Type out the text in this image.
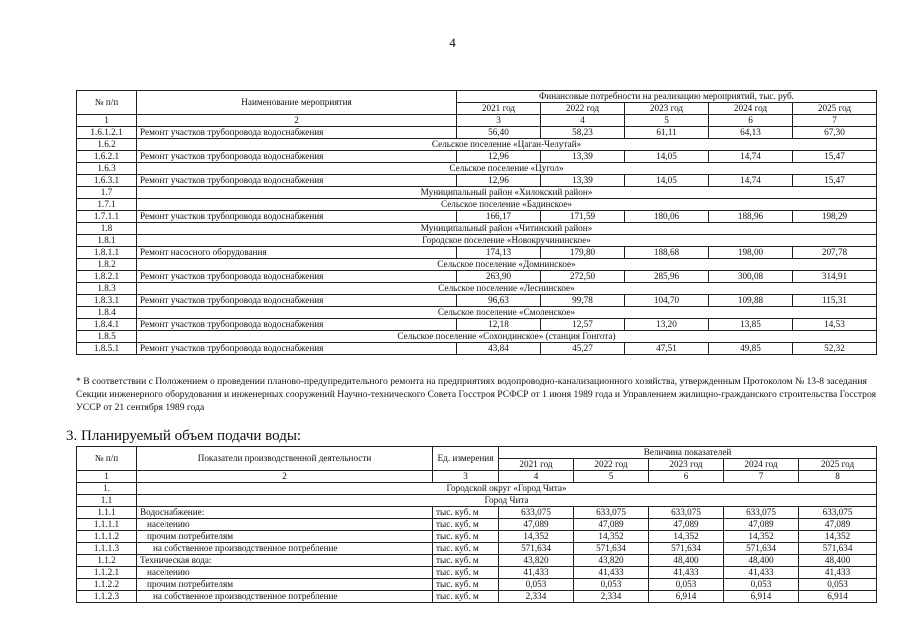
4
№ п/п	Наименование мероприятия	Финансовые потребности на реализацию мероприятий, тыс. руб.				
		2021 год	2022 год	2023 год	2024 год	2025 год
1	2	3	4	5	6	7
1.6.1.2.1	Ремонт участков трубопровода водоснабжения	56,40	58,23	61,11	64,13	67,30
1.6.2	Сельское поселение «Цаган-Челутай»					
1.6.2.1	Ремонт участков трубопровода водоснабжения	12,96	13,39	14,05	14,74	15,47
1.6.3	Сельское поселение «Цугол»					
1.6.3.1	Ремонт участков трубопровода водоснабжения	12,96	13,39	14,05	14,74	15,47
1.7	Муниципальный район «Хилокский район»					
1.7.1	Сельское поселение «Бадинское»					
1.7.1.1	Ремонт участков трубопровода водоснабжения	166,17	171,59	180,06	188,96	198,29
1.8	Муниципальный район «Читинский район»					
1.8.1	Городское поселение «Новокручининское»					
1.8.1.1	Ремонт насосного оборудования	174,13	179,80	188,68	198,00	207,78
1.8.2	Сельское поселение «Домнинское»					
1.8.2.1	Ремонт участков трубопровода водоснабжения	263,90	272,50	285,96	300,08	314,91
1.8.3	Сельское поселение «Леснинское»					
1.8.3.1	Ремонт участков трубопровода водоснабжения	96,63	99,78	104,70	109,88	115,31
1.8.4	Сельское поселение «Смоленское»					
1.8.4.1	Ремонт участков трубопровода водоснабжения	12,18	12,57	13,20	13,85	14,53
1.8.5	Сельское поселение «Сохондинское» (станция Гонгота)					
1.8.5.1	Ремонт участков трубопровода водоснабжения	43,84	45,27	47,51	49,85	52,32
* В соответствии с Положением о проведении планово-предупредительного ремонта на предприятиях водопроводно-канализационного хозяйства, утвержденным Протоколом № 13-8 заседания Секции инженерного оборудования и инженерных сооружений Научно-технического Совета Госстроя РСФСР от 1 июня 1989 года и Управлением жилищно-гражданского строительства Госстроя УССР от 21 сентября 1989 года
3. Планируемый объем подачи воды:
№ п/п	Показатели производственной деятельности	Ед. измерения	Величина показателей				
			2021 год	2022 год	2023 год	2024 год	2025 год
1	2	3	4	5	6	7	8
1.	Городской округ «Город Чита»						
1.1	Город Чита						
1.1.1	Водоснабжение:	тыс. куб. м	633,075	633,075	633,075	633,075	633,075
1.1.1.1	населению	тыс. куб. м	47,089	47,089	47,089	47,089	47,089
1.1.1.2	прочим потребителям	тыс. куб. м	14,352	14,352	14,352	14,352	14,352
1.1.1.3	на собственное производственное потребление	тыс. куб. м	571,634	571,634	571,634	571,634	571,634
1.1.2	Техническая вода:	тыс. куб. м	43,820	43,820	48,400	48,400	48,400
1.1.2.1	населению	тыс. куб. м	41,433	41,433	41,433	41,433	41,433
1.1.2.2	прочим потребителям	тыс. куб. м	0,053	0,053	0,053	0,053	0,053
1.1.2.3	на собственное производственное потребление	тыс. куб. м	2,334	2,334	6,914	6,914	6,914
